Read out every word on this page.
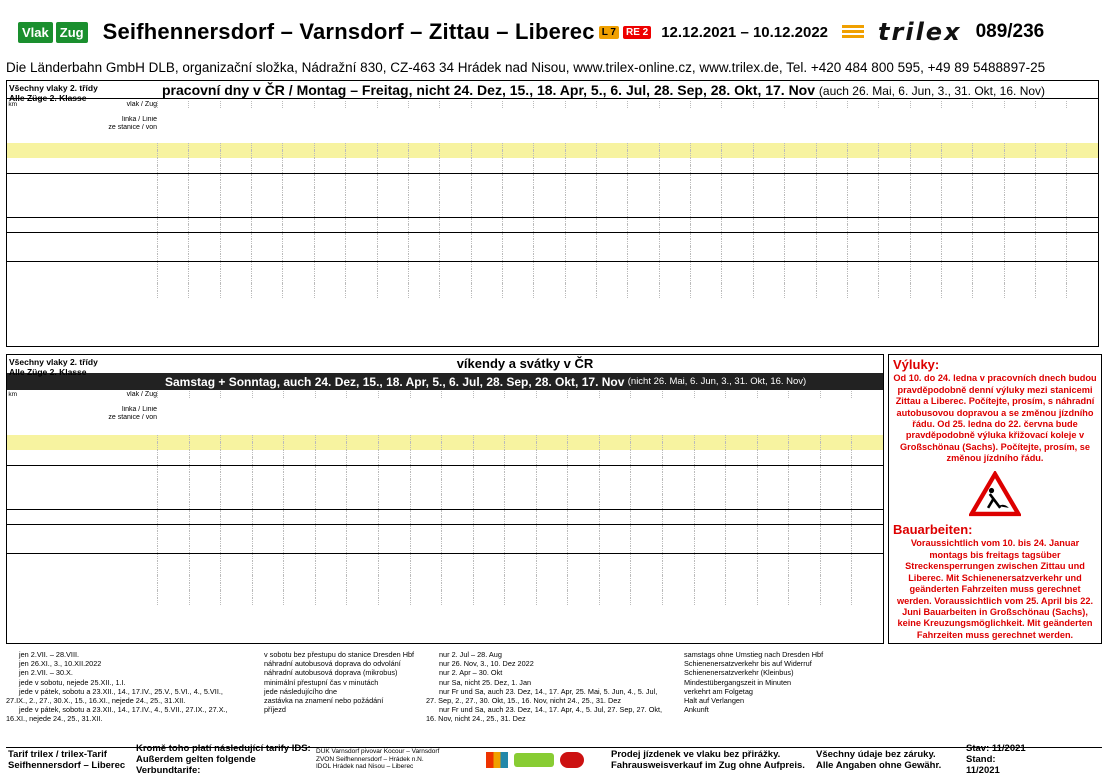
Vlak Zug Seifhennersdorf – Varnsdorf – Zittau – Liberec L 7	RE 2 12.12.2021 – 10.12.2022 trilex 089/236
Die Länderbahn GmbH DLB, organizační složka, Nádražní 830, CZ-463 34 Hrádek nad Nisou, www.trilex-online.cz, www.trilex.de, Tel. +420 484 800 595, +49 89 5488897-25
pracovní dny v ČR / Montag – Freitag, nicht 24. Dez, 15., 18. Apr, 5., 6. Jul, 28. Sep, 28. Okt, 17. Nov (auch 26. Mai, 6. Jun, 3., 31. Okt, 16. Nov)
Všechny vlaky 2. třídy
Alle Züge 2. Klasse
km	vlak / Zug
linka / Linie
ze stanice / von
víkendy a svátky v ČR
Samstag + Sonntag, auch 24. Dez, 15., 18. Apr, 5., 6. Jul, 28. Sep, 28. Okt, 17. Nov
(nicht 26. Mai, 6. Jun, 3., 31. Okt, 16. Nov)
Všechny vlaky 2. třídy
Alle Züge 2. Klasse
km	vlak / Zug
linka / Linie
ze stanice / von
Výluky:
Od 10. do 24. ledna v pracovních dnech budou pravděpodobně denní výluky mezi stanicemi Zittau a Liberec. Počítejte, prosím, s náhradní autobusovou dopravou a se změnou jízdního řádu. Od 25. ledna do 22. června bude pravděpodobně výluka křižovací koleje v Großschönau (Sachs). Počítejte, prosím, se změnou jízdního řádu.
Bauarbeiten:
Voraussichtlich vom 10. bis 24. Januar montags bis freitags tagsüber Streckensperrungen zwischen Zittau und Liberec. Mit Schienenersatzverkehr und geänderten Fahrzeiten muss gerechnet werden. Voraussichtlich vom 25. April bis 22. Juni Bauarbeiten in Großschönau (Sachs), keine Kreuzungsmöglichkeit. Mit geänderten Fahrzeiten muss gerechnet werden.
jen 2.VII. – 28.VIII.
jen 26.XI., 3., 10.XII.2022
jen 2.VII. – 30.X.
jede v sobotu, nejede 25.XII., 1.I.
jede v pátek, sobotu a 23.XII., 14., 17.IV., 25.V., 5.VI., 4., 5.VII., 27.IX., 2., 27., 30.X., 15., 16.XI., nejede 24., 25., 31.XII.
jede v pátek, sobotu a 23.XII., 14., 17.IV., 4., 5.VII., 27.IX., 27.X., 16.XI., nejede 24., 25., 31.XII.
v sobotu bez přestupu do stanice Dresden Hbf
náhradní autobusová doprava do odvolání
náhradní autobusová doprava (mikrobus)
minimální přestupní čas v minutách
jede následujícího dne
zastávka na znamení nebo požádání
příjezd
nur 2. Jul – 28. Aug
nur 26. Nov, 3., 10. Dez 2022
nur 2. Apr – 30. Okt
nur Sa, nicht 25. Dez, 1. Jan
nur Fr und Sa, auch 23. Dez, 14., 17. Apr, 25. Mai, 5. Jun, 4., 5. Jul, 27. Sep, 2., 27., 30. Okt, 15., 16. Nov, nicht 24., 25., 31. Dez
nur Fr und Sa, auch 23. Dez, 14., 17. Apr, 4., 5. Jul, 27. Sep, 27. Okt, 16. Nov, nicht 24., 25., 31. Dez
samstags ohne Umstieg nach Dresden Hbf
Schienenersatzverkehr bis auf Widerruf
Schienenersatzverkehr (Kleinbus)
Mindestübergangszeit in Minuten
verkehrt am Folgetag
Halt auf Verlangen
Ankunft
Tarif trilex / trilex-Tarif
Seifhennersdorf – Liberec
Kromě toho platí následující tarify IDS:
Außerdem gelten folgende Verbundtarife:
DÚK Varnsdorf pivovar Kocour – Varnsdorf
ZVON Seifhennersdorf – Hrádek n.N.
IDOL Hrádek nad Nisou – Liberec
Prodej jízdenek ve vlaku bez přirážky.
Fahrausweisverkauf im Zug ohne Aufpreis.
Všechny údaje bez záruky.
Alle Angaben ohne Gewähr.
Stav: 11/2021
Stand: 11/2021
